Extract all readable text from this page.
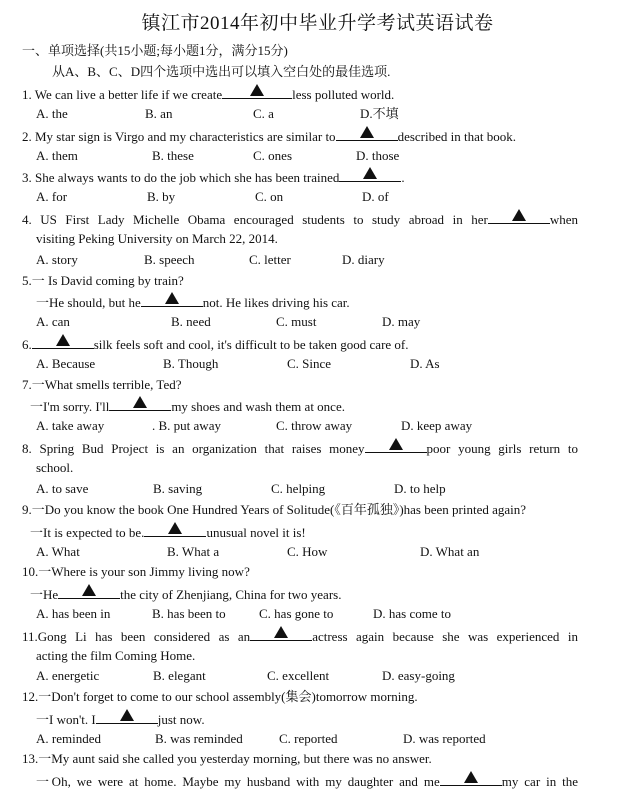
镇江市2014年初中毕业升学考试英语试卷
一、单项选择(共15小题;每小题1分，满分15分)
从A、B、C、D四个选项中选出可以填入空白处的最佳选项.
1. We can live a better life if we create	less polluted world.
A. the	B. an	C. a	D.不填
2. My star sign is Virgo and my characteristics are similar to	described in that book.
A. them	B. these	C. ones	D. those
3. She always wants to do the job which she has been trained	.
A. for	B. by	C. on	D. of
4. US First Lady Michelle Obama encouraged students to study abroad in her	when
visiting Peking University on March 22, 2014.
A. story	B. speech	C. letter	D. diary
5.一 Is David coming by train?
一He should, but he	not. He likes driving his car.
A. can	B. need	C. must	D. may
6.	silk feels soft and cool, it's difficult to be taken good care of.
A. Because	B. Though	C. Since	D. As
7.一What smells terrible, Ted?
一I'm sorry. I'll	my shoes and wash them at once.
A. take away	. B. put away	C. throw away	D. keep away
8. Spring Bud Project is an organization that raises money	poor young girls return to
school.
A. to save	B. saving	C. helping	D. to help
9.一Do you know the book One Hundred Years of Solitude(《百年孤独》)has been printed again?
一It is expected to be.	unusual novel it is!
A. What	B. What a	C. How	D. What an
10.一Where is your son Jimmy living now?
一He	the city of Zhenjiang, China for two years.
A. has been in	B. has been to	C. has gone to	D. has come to
11.Gong Li has been considered as an	actress again because she was experienced in
acting the film Coming Home.
A. energetic	B. elegant	C. excellent	D. easy-going
12.一Don't forget to come to our school assembly(集会)tomorrow morning.
一I won't. I	just now.
A. reminded	B. was reminded	C. reported	D. was reported
13.一My aunt said she called you yesterday morning, but there was no answer.
一Oh, we were at home. Maybe my husband with my daughter and me	my car in the
